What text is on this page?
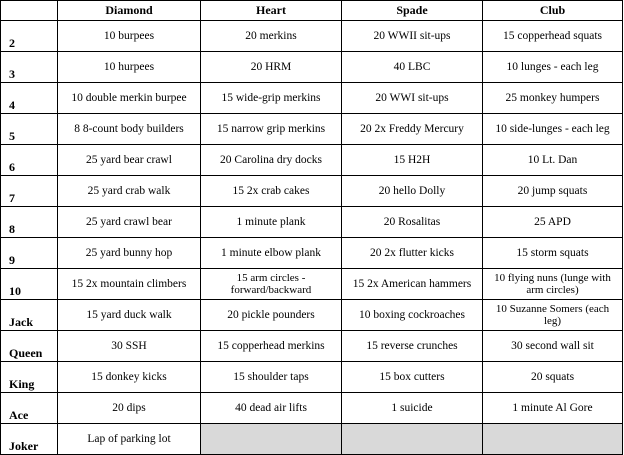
	Diamond	Heart	Spade	Club
2	10 burpees	20 merkins	20 WWII sit-ups	15 copperhead squats
3	10 hurpees	20 HRM	40 LBC	10 lunges - each leg
4	10 double merkin burpee	15 wide-grip merkins	20 WWI sit-ups	25 monkey humpers
5	8 8-count body builders	15 narrow grip merkins	20 2x Freddy Mercury	10 side-lunges - each leg
6	25 yard bear crawl	20 Carolina dry docks	15 H2H	10 Lt. Dan
7	25 yard crab walk	15 2x crab cakes	20 hello Dolly	20 jump squats
8	25 yard crawl bear	1 minute plank	20 Rosalitas	25 APD
9	25 yard bunny hop	1 minute elbow plank	20 2x flutter kicks	15 storm squats
10	15 2x mountain climbers	15 arm circles - forward/backward	15 2x American hammers	10 flying nuns (lunge with arm circles)
Jack	15 yard duck walk	20 pickle pounders	10 boxing cockroaches	10 Suzanne Somers (each leg)
Queen	30 SSH	15 copperhead merkins	15 reverse crunches	30 second wall sit
King	15 donkey kicks	15 shoulder taps	15 box cutters	20 squats
Ace	20 dips	40 dead air lifts	1 suicide	1 minute Al Gore
Joker	Lap of parking lot			
